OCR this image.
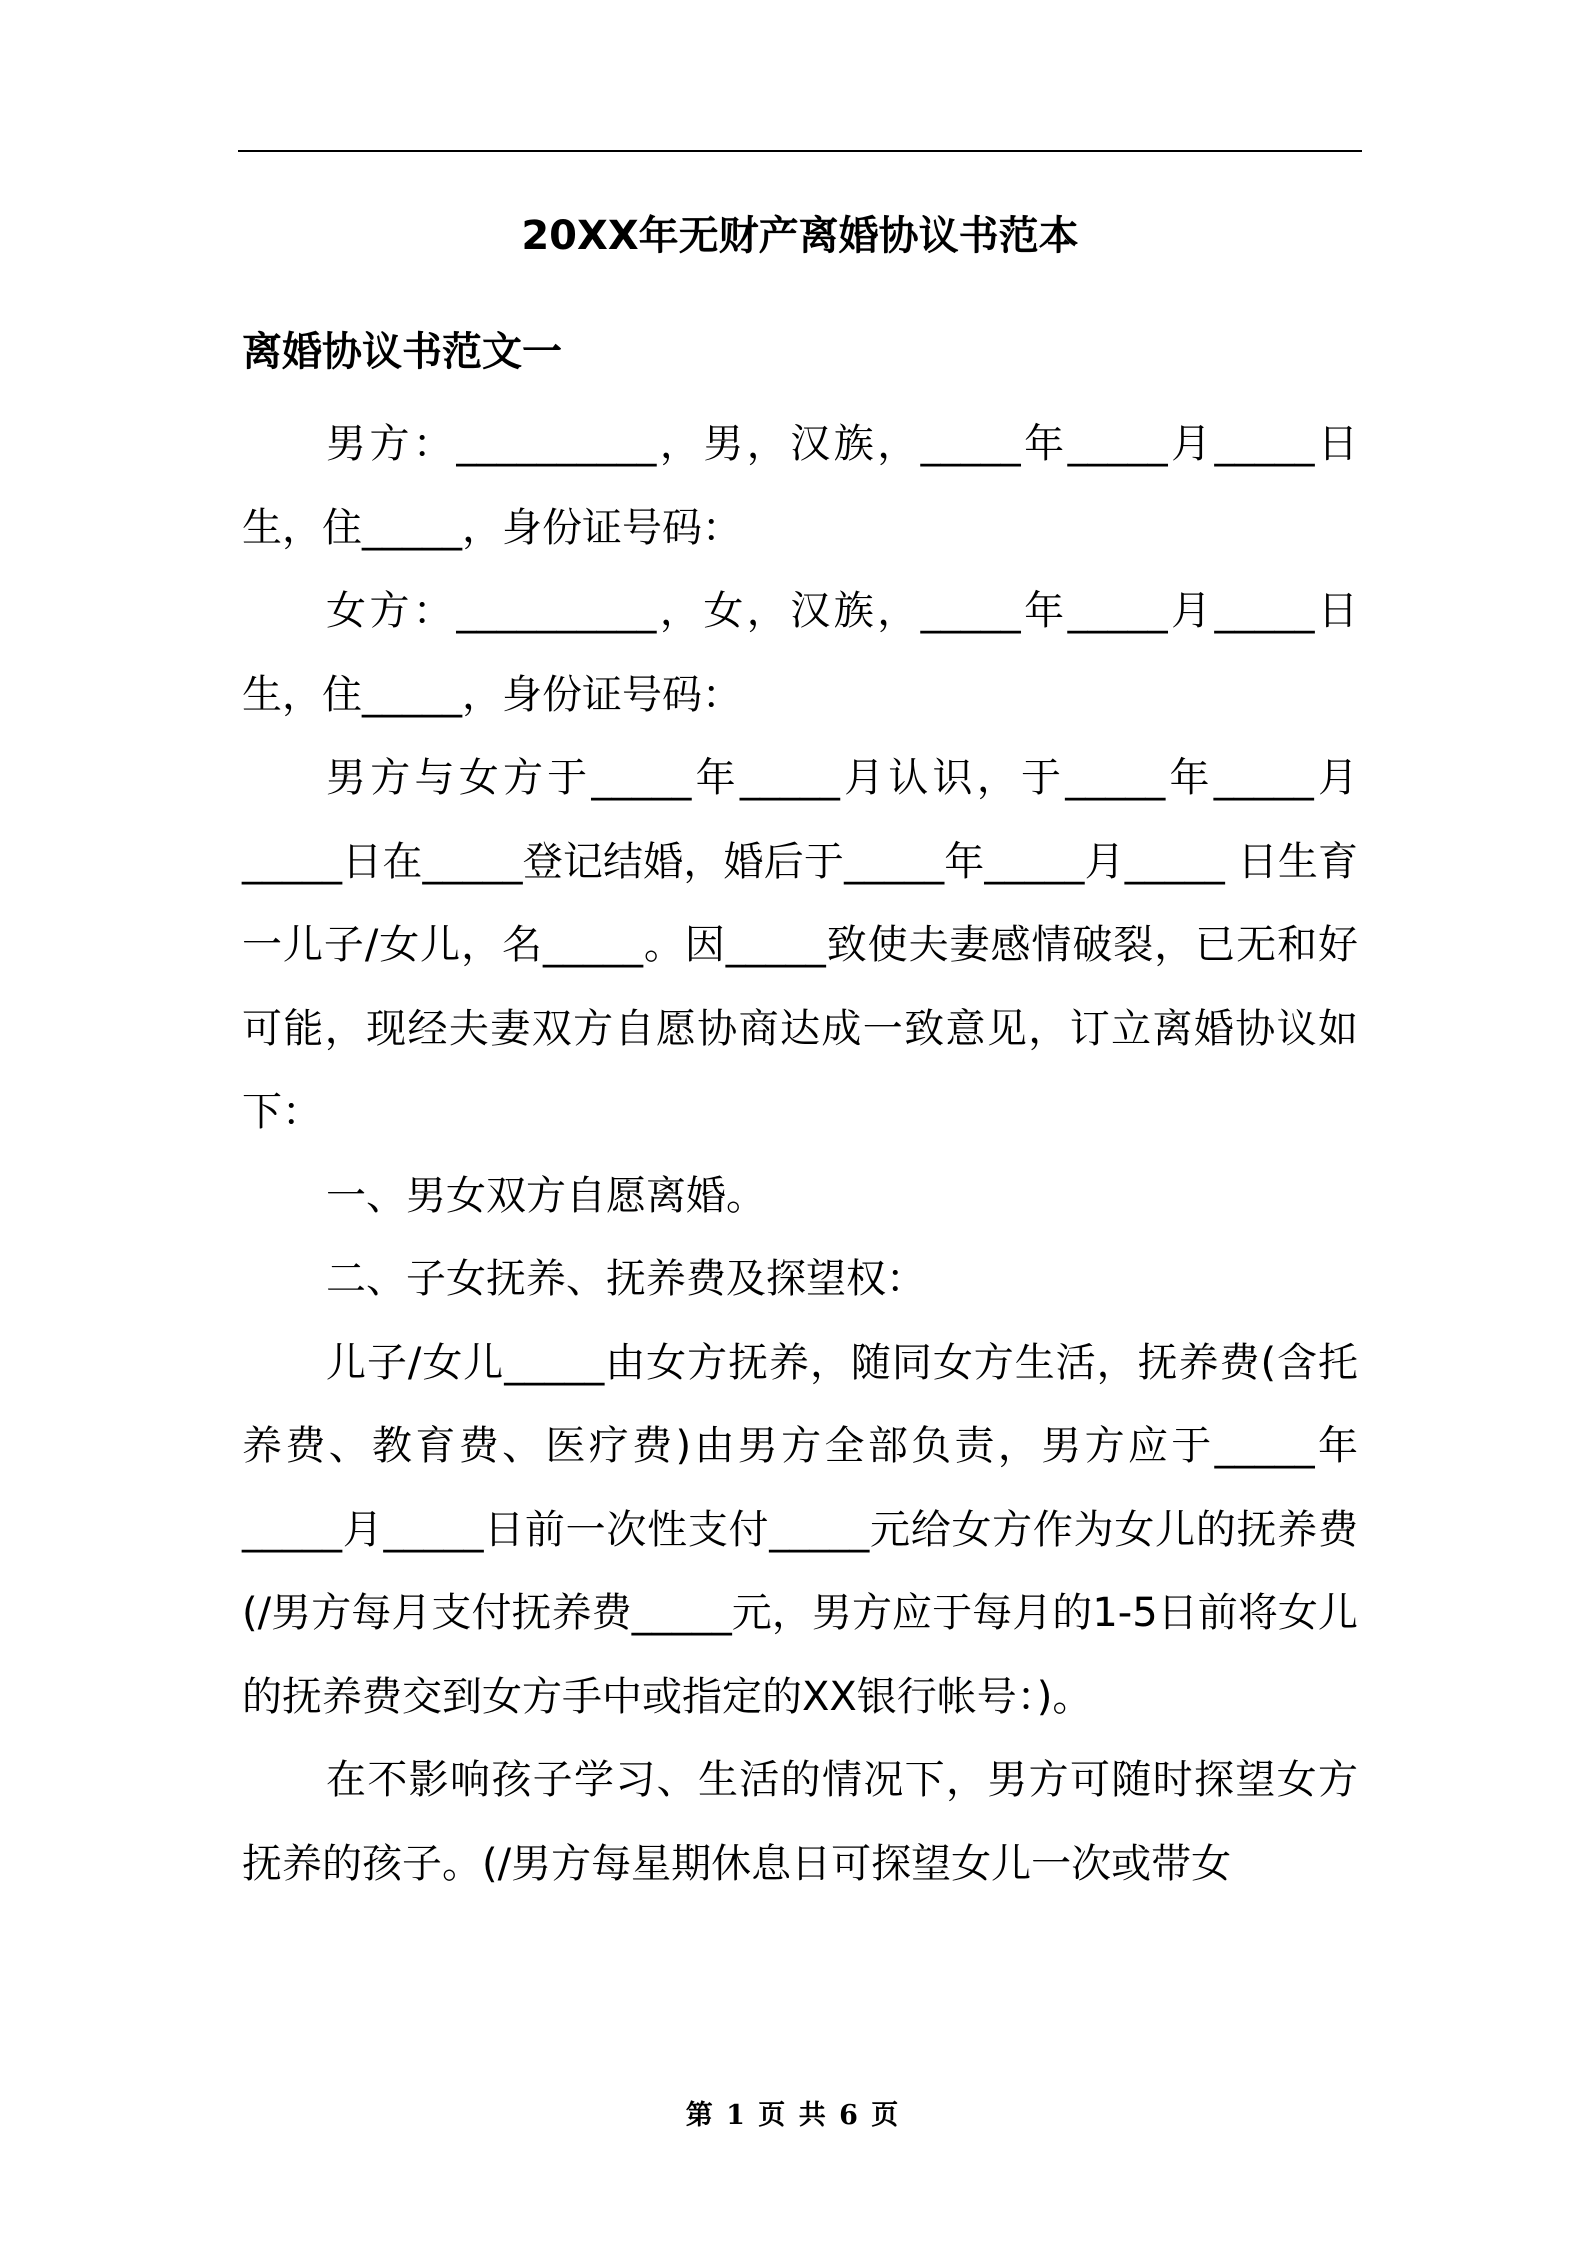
20XX年无财产离婚协议书范本
离婚协议书范文一

男方：__________，男，汉族，_____年_____月_____日生，住_____，身份证号码：

女方：__________，女，汉族，_____年_____月_____日生，住_____，身份证号码：

男方与女方于_____年_____月认识，于_____年_____月_____日在_____登记结婚，婚后于_____年_____月_____ 日生育一儿子/女儿，名_____。因_____致使夫妻感情破裂，已无和好可能，现经夫妻双方自愿协商达成一致意见，订立离婚协议如下：

一、男女双方自愿离婚。

二、子女抚养、抚养费及探望权：

儿子/女儿_____由女方抚养，随同女方生活，抚养费(含托养费、教育费、医疗费)由男方全部负责，男方应于_____年_____月_____日前一次性支付_____元给女方作为女儿的抚养费(/男方每月支付抚养费_____元，男方应于每月的1-5日前将女儿的抚养费交到女方手中或指定的XX银行帐号：)。

在不影响孩子学习、生活的情况下，男方可随时探望女方抚养的孩子。(/男方每星期休息日可探望女儿一次或带女

第 1 页 共 6 页
